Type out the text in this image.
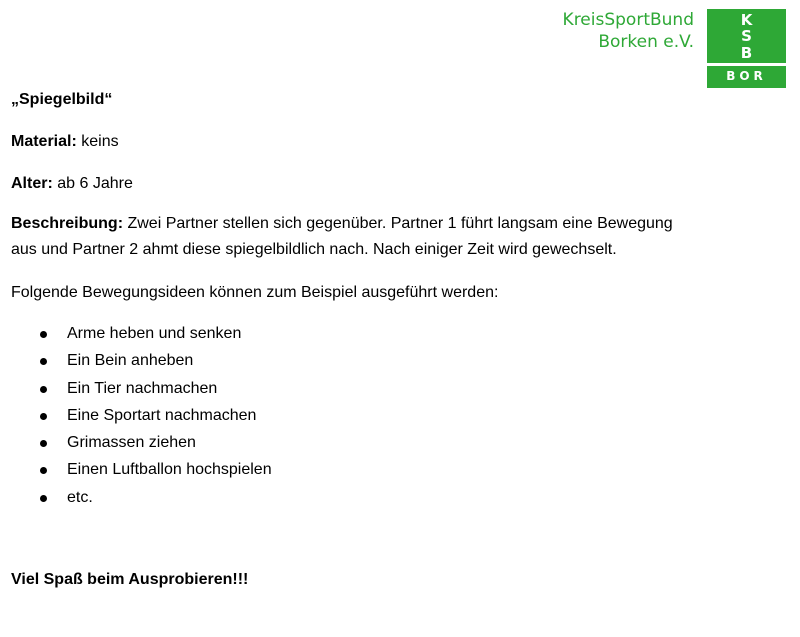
KreisSportBund
Borken e.V.
K
S
B
BOR
„Spiegelbild“
Material: keins
Alter: ab 6 Jahre
Beschreibung: Zwei Partner stellen sich gegenüber. Partner 1 führt langsam eine Bewegung
aus und Partner 2 ahmt diese spiegelbildlich nach. Nach einiger Zeit wird gewechselt.
Folgende Bewegungsideen können zum Beispiel ausgeführt werden:
Arme heben und senken
Ein Bein anheben
Ein Tier nachmachen
Eine Sportart nachmachen
Grimassen ziehen
Einen Luftballon hochspielen
etc.
Viel Spaß beim Ausprobieren!!!
